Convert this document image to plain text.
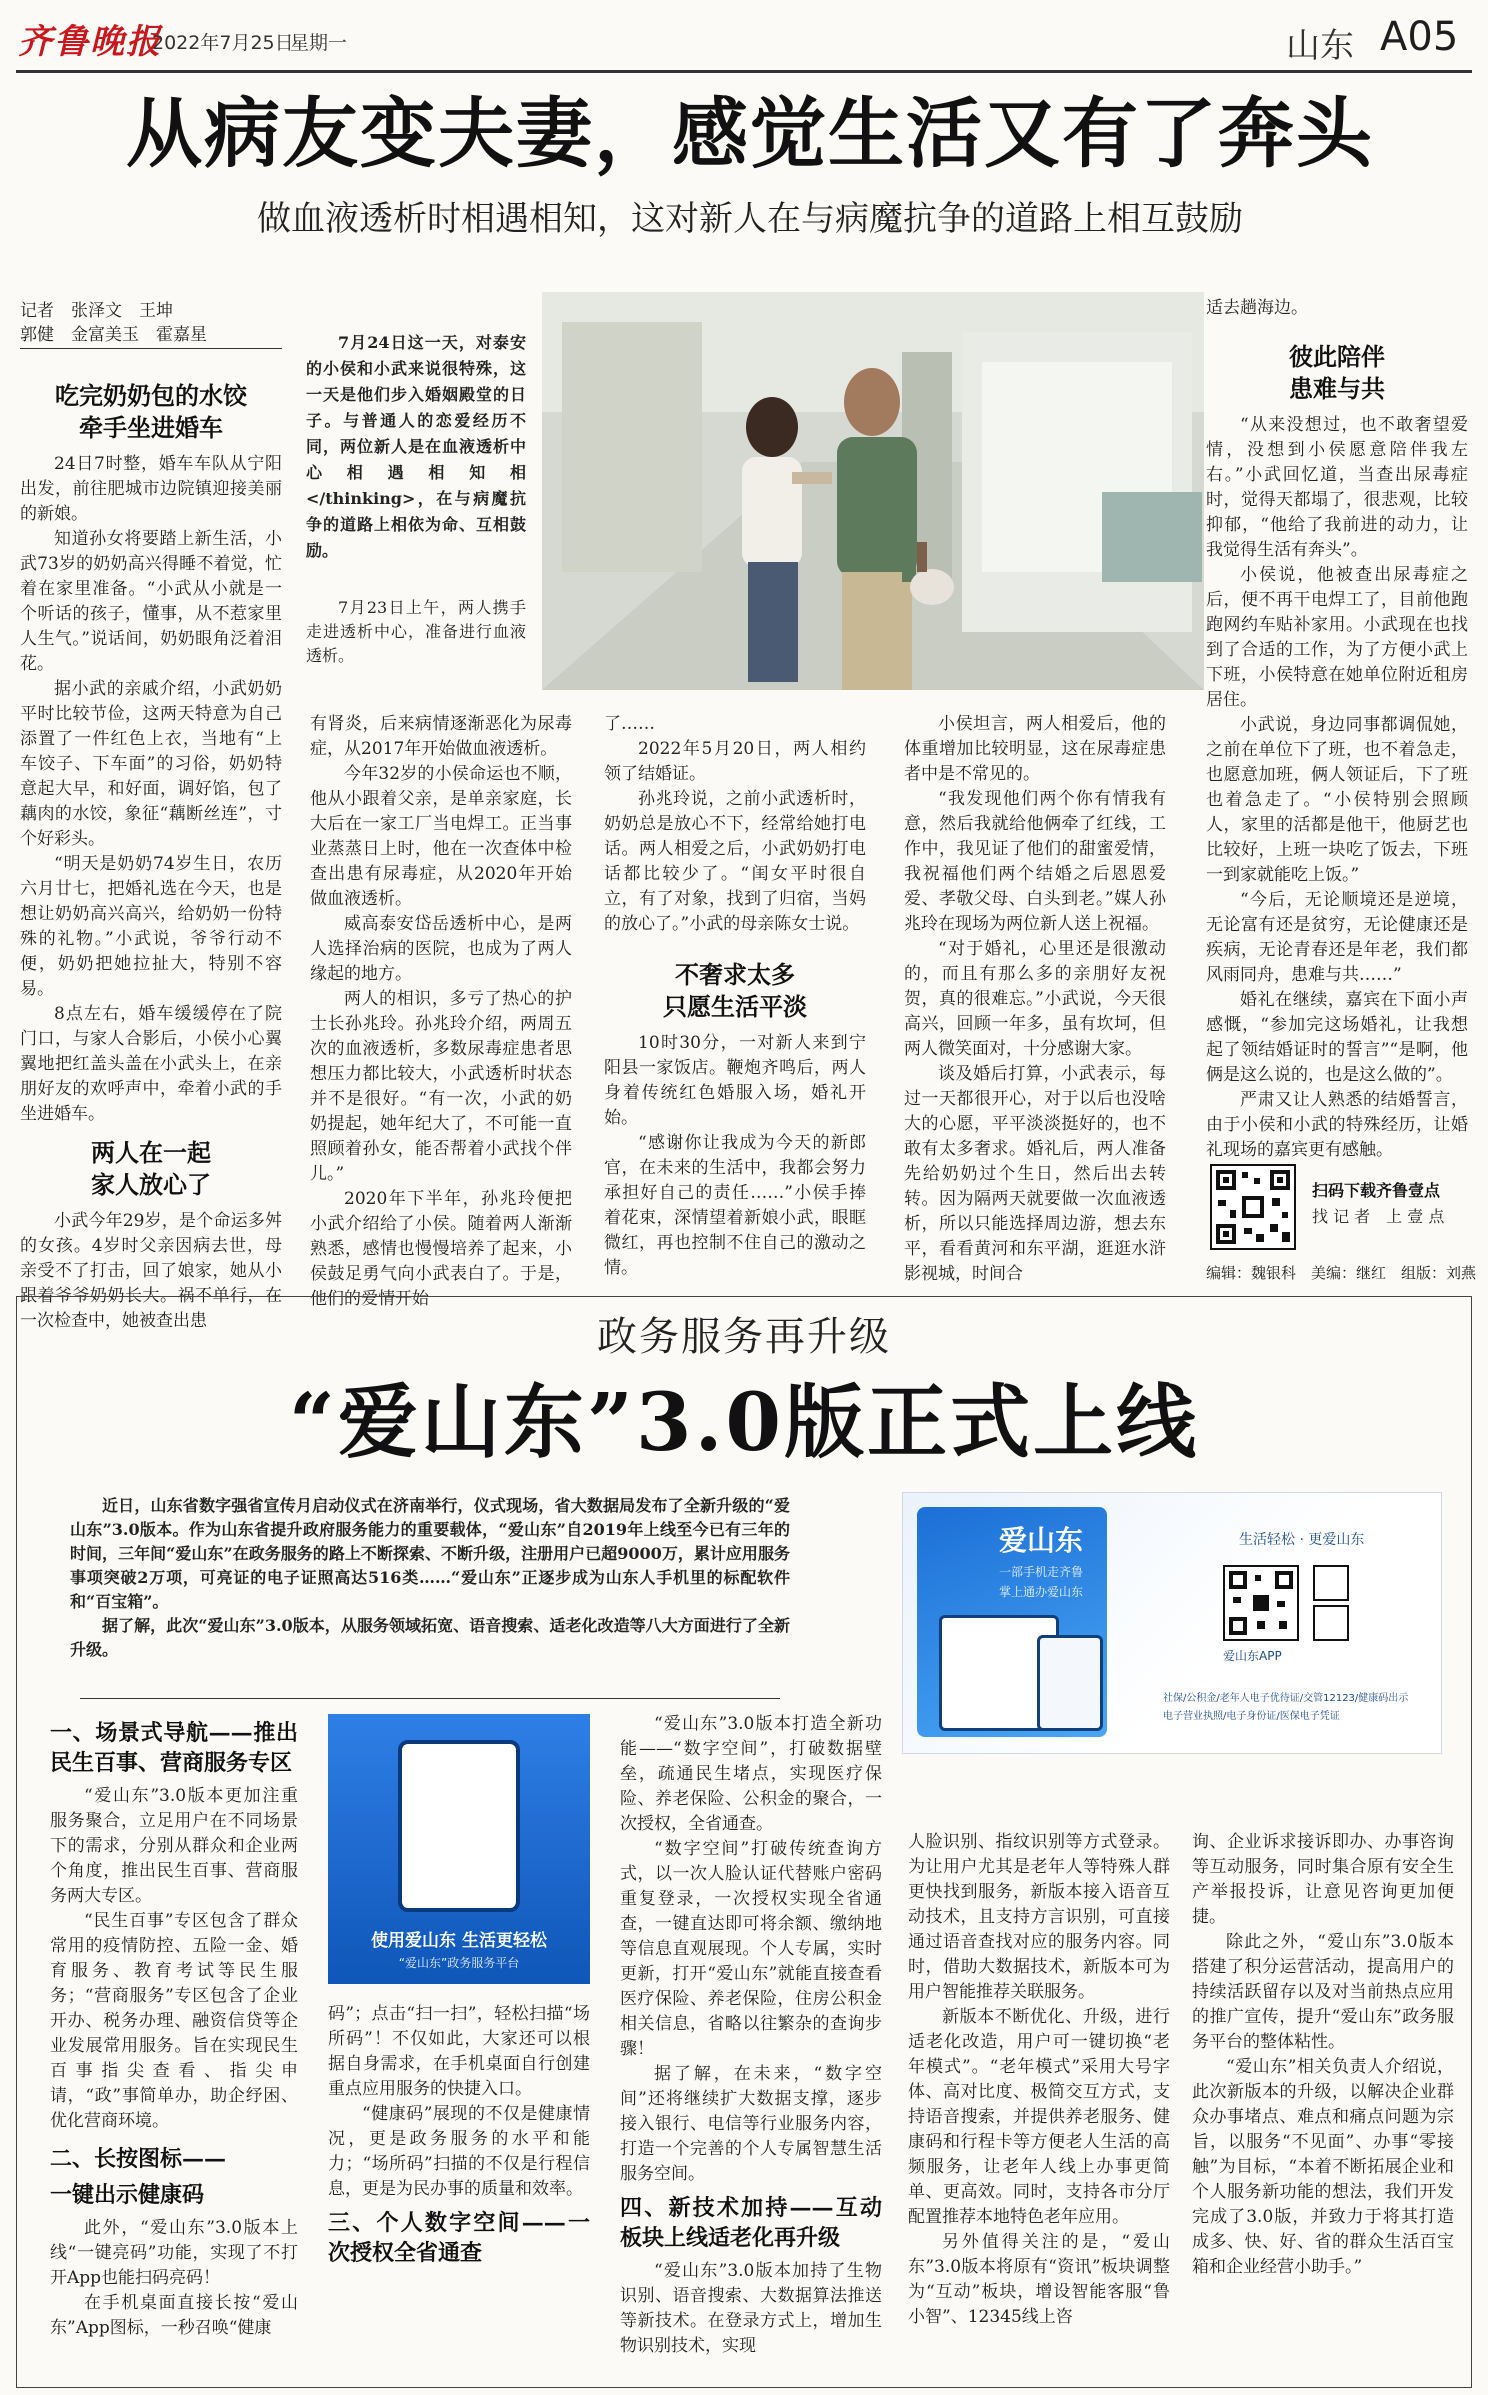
齐鲁晚报
2022年7月25日
星期一	山东 A05
从病友变夫妻，感觉生活又有了奔头
做血液透析时相遇相知，这对新人在与病魔抗争的道路上相互鼓励
记者　张泽文　王坤
郭健　金富美玉　霍嘉星	7月24日这一天，对泰安的小侯和小武来说很特殊，这一天是他们步入婚姻殿堂的日子。与普通人的恋爱经历不同，两位新人是在血液透析中心相遇相知相</thinking>，在与病魔抗争的道路上相依为命、互相鼓励。
7月23日上午，两人携手走进透析中心，准备进行血液透析。
吃完奶奶包的水饺
牵手坐进婚车

24日7时整，婚车车队从宁阳出发，前往肥城市边院镇迎接美丽的新娘。

知道孙女将要踏上新生活，小武73岁的奶奶高兴得睡不着觉，忙着在家里准备。“小武从小就是一个听话的孩子，懂事，从不惹家里人生气。”说话间，奶奶眼角泛着泪花。

据小武的亲戚介绍，小武奶奶平时比较节俭，这两天特意为自己添置了一件红色上衣，当地有“上车饺子、下车面”的习俗，奶奶特意起大早，和好面，调好馅，包了藕肉的水饺，象征“藕断丝连”，寸个好彩头。

“明天是奶奶74岁生日，农历六月廿七，把婚礼选在今天，也是想让奶奶高兴高兴，给奶奶一份特殊的礼物。”小武说，爷爷行动不便，奶奶把她拉扯大，特别不容易。

8点左右，婚车缓缓停在了院门口，与家人合影后，小侯小心翼翼地把红盖头盖在小武头上，在亲朋好友的欢呼声中，牵着小武的手坐进婚车。

两人在一起
家人放心了

小武今年29岁，是个命运多舛的女孩。4岁时父亲因病去世，母亲受不了打击，回了娘家，她从小跟着爷爷奶奶长大。祸不单行，在一次检查中，她被查出患

有肾炎，后来病情逐渐恶化为尿毒症，从2017年开始做血液透析。

今年32岁的小侯命运也不顺，他从小跟着父亲，是单亲家庭，长大后在一家工厂当电焊工。正当事业蒸蒸日上时，他在一次查体中检查出患有尿毒症，从2020年开始做血液透析。

威高泰安岱岳透析中心，是两人选择治病的医院，也成为了两人缘起的地方。

两人的相识，多亏了热心的护士长孙兆玲。孙兆玲介绍，两周五次的血液透析，多数尿毒症患者思想压力都比较大，小武透析时状态并不是很好。“有一次，小武的奶奶提起，她年纪大了，不可能一直照顾着孙女，能否帮着小武找个伴儿。”

2020年下半年，孙兆玲便把小武介绍给了小侯。随着两人渐渐熟悉，感情也慢慢培养了起来，小侯鼓足勇气向小武表白了。于是，他们的爱情开始

了……

2022年5月20日，两人相约领了结婚证。

孙兆玲说，之前小武透析时，奶奶总是放心不下，经常给她打电话。两人相爱之后，小武奶奶打电话都比较少了。“闺女平时很自立，有了对象，找到了归宿，当妈的放心了。”小武的母亲陈女士说。

不奢求太多
只愿生活平淡

10时30分，一对新人来到宁阳县一家饭店。鞭炮齐鸣后，两人身着传统红色婚服入场，婚礼开始。

“感谢你让我成为今天的新郎官，在未来的生活中，我都会努力承担好自己的责任……”小侯手捧着花束，深情望着新娘小武，眼眶微红，再也控制不住自己的激动之情。

小侯坦言，两人相爱后，他的体重增加比较明显，这在尿毒症患者中是不常见的。

“我发现他们两个你有情我有意，然后我就给他俩牵了红线，工作中，我见证了他们的甜蜜爱情，我祝福他们两个结婚之后恩恩爱爱、孝敬父母、白头到老。”媒人孙兆玲在现场为两位新人送上祝福。

“对于婚礼，心里还是很激动的，而且有那么多的亲朋好友祝贺，真的很难忘。”小武说，今天很高兴，回顾一年多，虽有坎坷，但两人微笑面对，十分感谢大家。

谈及婚后打算，小武表示，每过一天都很开心，对于以后也没啥大的心愿，平平淡淡挺好的，也不敢有太多奢求。婚礼后，两人准备先给奶奶过个生日，然后出去转转。因为隔两天就要做一次血液透析，所以只能选择周边游，想去东平，看看黄河和东平湖，逛逛水浒影视城，时间合

适去趟海边。

彼此陪伴
患难与共

“从来没想过，也不敢奢望爱情，没想到小侯愿意陪伴我左右。”小武回忆道，当查出尿毒症时，觉得天都塌了，很悲观，比较抑郁，“他给了我前进的动力，让我觉得生活有奔头”。

小侯说，他被查出尿毒症之后，便不再干电焊工了，目前他跑跑网约车贴补家用。小武现在也找到了合适的工作，为了方便小武上下班，小侯特意在她单位附近租房居住。

小武说，身边同事都调侃她，之前在单位下了班，也不着急走，也愿意加班，俩人领证后，下了班也着急走了。“小侯特别会照顾人，家里的活都是他干，他厨艺也比较好，上班一块吃了饭去，下班一到家就能吃上饭。”

“今后，无论顺境还是逆境，无论富有还是贫穷，无论健康还是疾病，无论青春还是年老，我们都风雨同舟，患难与共……”

婚礼在继续，嘉宾在下面小声感慨，“参加完这场婚礼，让我想起了领结婚证时的誓言”“是啊，他俩是这么说的，也是这么做的”。

严肃又让人熟悉的结婚誓言，由于小侯和小武的特殊经历，让婚礼现场的嘉宾更有感触。

扫码下载齐鲁壹点
找 记 者　上 壹 点
编辑：魏银科　美编：继红　组版：刘燕
政务服务再升级
“爱山东”3.0版正式上线

近日，山东省数字强省宣传月启动仪式在济南举行，仪式现场，省大数据局发布了全新升级的“爱山东”3.0版本。作为山东省提升政府服务能力的重要载体，“爱山东”自2019年上线至今已有三年的时间，三年间“爱山东”在政务服务的路上不断探索、不断升级，注册用户已超9000万，累计应用服务事项突破2万项，可亮证的电子证照高达516类……“爱山东”正逐步成为山东人手机里的标配软件和“百宝箱”。

据了解，此次“爱山东”3.0版本，从服务领域拓宽、语音搜索、适老化改造等八大方面进行了全新升级。

爱山东
一部手机走齐鲁
掌上通办爱山东
生活轻松 · 更爱山东
爱山东APP
社保/公积金/老年人电子优待证/交管12123/健康码出示
电子营业执照/电子身份证/医保电子凭证
使用爱山东 生活更轻松
“爱山东”政务服务平台
一、场景式导航——推出民生百事、营商服务专区

“爱山东”3.0版本更加注重服务聚合，立足用户在不同场景下的需求，分别从群众和企业两个角度，推出民生百事、营商服务两大专区。

“民生百事”专区包含了群众常用的疫情防控、五险一金、婚育服务、教育考试等民生服务；“营商服务”专区包含了企业开办、税务办理、融资信贷等企业发展常用服务。旨在实现民生百事指尖查看、指尖申请，“政”事简单办，助企纾困、优化营商环境。

二、长按图标——
一键出示健康码

此外，“爱山东”3.0版本上线“一键亮码”功能，实现了不打开App也能扫码亮码！

在手机桌面直接长按“爱山东”App图标，一秒召唤“健康

码”；点击“扫一扫”，轻松扫描“场所码”！不仅如此，大家还可以根据自身需求，在手机桌面自行创建重点应用服务的快捷入口。

“健康码”展现的不仅是健康情况，更是政务服务的水平和能力；“场所码”扫描的不仅是行程信息，更是为民办事的质量和效率。

三、个人数字空间——一次授权全省通查

“爱山东”3.0版本打造全新功能——“数字空间”，打破数据壁垒，疏通民生堵点，实现医疗保险、养老保险、公积金的聚合，一次授权，全省通查。

“数字空间”打破传统查询方式，以一次人脸认证代替账户密码重复登录，一次授权实现全省通查，一键直达即可将余额、缴纳地等信息直观展现。个人专属，实时更新，打开“爱山东”就能直接查看医疗保险、养老保险，住房公积金相关信息，省略以往繁杂的查询步骤！

据了解，在未来，“数字空间”还将继续扩大数据支撑，逐步接入银行、电信等行业服务内容，打造一个完善的个人专属智慧生活服务空间。

四、新技术加持——互动板块上线适老化再升级

“爱山东”3.0版本加持了生物识别、语音搜索、大数据算法推送等新技术。在登录方式上，增加生物识别技术，实现

人脸识别、指纹识别等方式登录。为让用户尤其是老年人等特殊人群更快找到服务，新版本接入语音互动技术，且支持方言识别，可直接通过语音查找对应的服务内容。同时，借助大数据技术，新版本可为用户智能推荐关联服务。

新版本不断优化、升级，进行适老化改造，用户可一键切换“老年模式”。“老年模式”采用大号字体、高对比度、极简交互方式，支持语音搜索，并提供养老服务、健康码和行程卡等方便老人生活的高频服务，让老年人线上办事更简单、更高效。同时，支持各市分厅配置推荐本地特色老年应用。

另外值得关注的是，“爱山东”3.0版本将原有“资讯”板块调整为“互动”板块，增设智能客服“鲁小智”、12345线上咨

询、企业诉求接诉即办、办事咨询等互动服务，同时集合原有安全生产举报投诉，让意见咨询更加便捷。

除此之外，“爱山东”3.0版本搭建了积分运营活动，提高用户的持续活跃留存以及对当前热点应用的推广宣传，提升“爱山东”政务服务平台的整体粘性。

“爱山东”相关负责人介绍说，此次新版本的升级，以解决企业群众办事堵点、难点和痛点问题为宗旨，以服务“不见面”、办事“零接触”为目标，“本着不断拓展企业和个人服务新功能的想法，我们开发完成了3.0版，并致力于将其打造成多、快、好、省的群众生活百宝箱和企业经营小助手。”
